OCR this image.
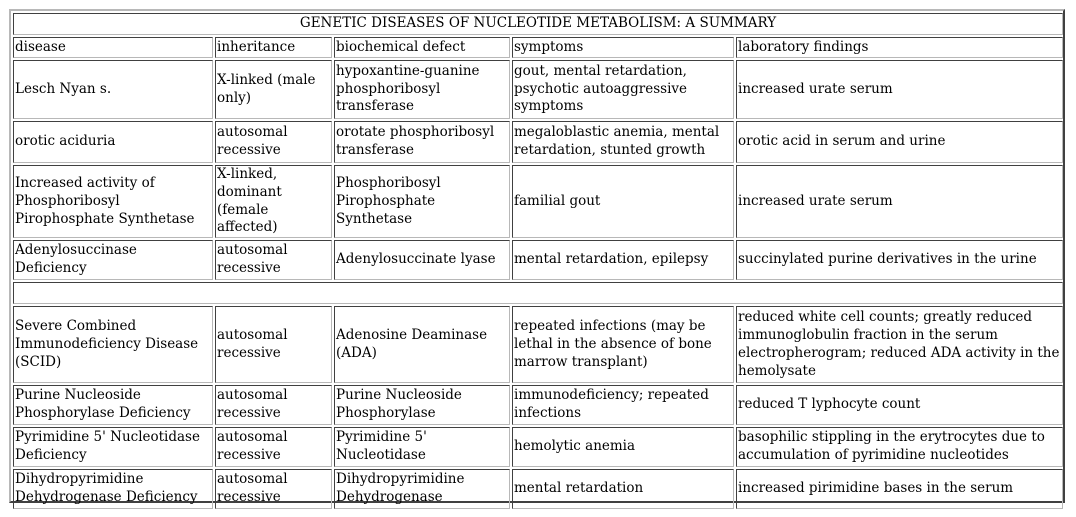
GENETIC DISEASES OF NUCLEOTIDE METABOLISM: A SUMMARY				
disease	inheritance	biochemical defect	symptoms	laboratory findings
Lesch Nyan s.	X-linked (male only)	hypoxantine-guanine phosphoribosyl transferase	gout, mental retardation, psychotic autoaggressive symptoms	increased urate serum
orotic aciduria	autosomal recessive	orotate phosphoribosyl transferase	megaloblastic anemia, mental retardation, stunted growth	orotic acid in serum and urine
Increased activity of Phosphoribosyl Pirophosphate Synthetase	X-linked, dominant (female affected)	Phosphoribosyl Pirophosphate Synthetase	familial gout	increased urate serum
Adenylosuccinase Deficiency	autosomal recessive	Adenylosuccinate lyase	mental retardation, epilepsy	succinylated purine derivatives in the urine

Severe Combined Immunodeficiency Disease (SCID)	autosomal recessive	Adenosine Deaminase (ADA)	repeated infections (may be lethal in the absence of bone marrow transplant)	reduced white cell counts; greatly reduced immunoglobulin fraction in the serum electropherogram; reduced ADA activity in the hemolysate
Purine Nucleoside Phosphorylase Deficiency	autosomal recessive	Purine Nucleoside Phosphorylase	immunodeficiency; repeated infections	reduced T lyphocyte count
Pyrimidine 5' Nucleotidase Deficiency	autosomal recessive	Pyrimidine 5' Nucleotidase	hemolytic anemia	basophilic stippling in the erytrocytes due to accumulation of pyrimidine nucleotides
Dihydropyrimidine Dehydrogenase Deficiency	autosomal recessive	Dihydropyrimidine Dehydrogenase	mental retardation	increased pirimidine bases in the serum
